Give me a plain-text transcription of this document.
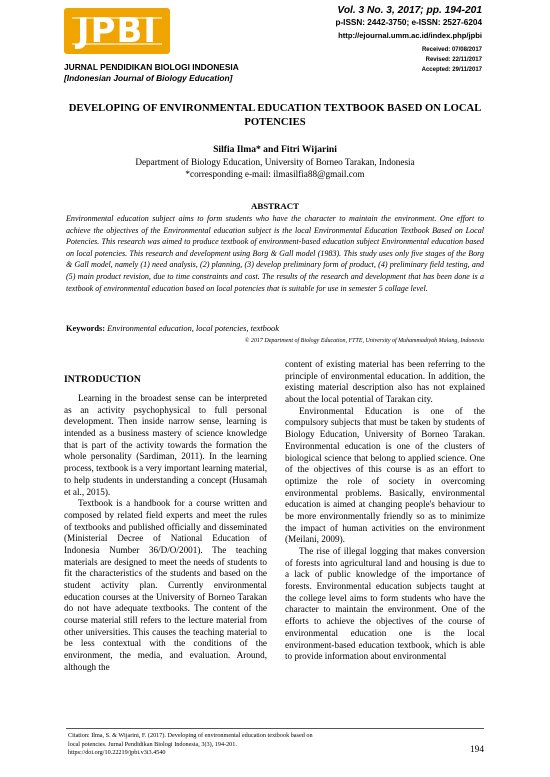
JPBI
JURNAL PENDIDIKAN BIOLOGI INDONESIA
[Indonesian Journal of Biology Education]
Vol. 3 No. 3, 2017; pp. 194-201
p-ISSN: 2442-3750; e-ISSN: 2527-6204
http://ejournal.umm.ac.id/index.php/jpbi
Received: 07/08/2017
Revised: 22/11/2017
Accepted: 29/11/2017
DEVELOPING OF ENVIRONMENTAL EDUCATION TEXTBOOK BASED ON LOCAL POTENCIES
Silfia Ilma* and Fitri Wijarini
Department of Biology Education, University of Borneo Tarakan, Indonesia
*corresponding e-mail: ilmasilfia88@gmail.com
ABSTRACT
Environmental education subject aims to form students who have the character to maintain the environment. One effort to achieve the objectives of the Environmental education subject is the local Environmental Education Textbook Based on Local Potencies. This research was aimed to produce textbook of environment-based education subject Environmental education based on local potencies. This research and development using Borg & Gall model (1983). This study uses only five stages of the Borg & Gall model, namely (1) need analysis, (2) planning, (3) develop preliminary form of product, (4) preliminary field testing, and (5) main product revision, due to time constraints and cost. The results of the research and development that has been done is a textbook of environmental education based on local potencies that is suitable for use in semester 5 collage level.
Keywords: Environmental education, local potencies, textbook
© 2017 Department of Biology Education, FTTE, University of Muhammadiyah Malang, Indonesia
INTRODUCTION

Learning in the broadest sense can be interpreted as an activity psychophysical to full personal development. Then inside narrow sense, learning is intended as a business mastery of science knowledge that is part of the activity towards the formation the whole personality (Sardiman, 2011). In the learning process, textbook is a very important learning material, to help students in understanding a concept (Husamah et al., 2015).

Textbook is a handbook for a course written and composed by related field experts and meet the rules of textbooks and published officially and disseminated (Ministerial Decree of National Education of Indonesia Number 36/D/O/2001). The teaching materials are designed to meet the needs of students to fit the characteristics of the students and based on the student activity plan. Currently environmental education courses at the University of Borneo Tarakan do not have adequate textbooks. The content of the course material still refers to the lecture material from other universities. This causes the teaching material to be less contextual with the conditions of the environment, the media, and evaluation. Around, although the

content of existing material has been referring to the principle of environmental education. In addition, the existing material description also has not explained about the local potential of Tarakan city.

Environmental Education is one of the compulsory subjects that must be taken by students of Biology Education, University of Borneo Tarakan. Environmental education is one of the clusters of biological science that belong to applied science. One of the objectives of this course is as an effort to optimize the role of society in overcoming environmental problems. Basically, environmental education is aimed at changing people's behaviour to be more environmentally friendly so as to minimize the impact of human activities on the environment (Meilani, 2009).

The rise of illegal logging that makes conversion of forests into agricultural land and housing is due to a lack of public knowledge of the importance of forests. Environmental education subjects taught at the college level aims to form students who have the character to maintain the environment. One of the efforts to achieve the objectives of the course of environmental education one is the local environment-based education textbook, which is able to provide information about environmental

Citation: Ilma, S. & Wijarini, F. (2017). Developing of environmental education textbook based on
local potencies. Jurnal Pendidikan Biologi Indonesia, 3(3), 194-201.
https://doi.org/10.22219/jpbi.v3i3.4540	194
